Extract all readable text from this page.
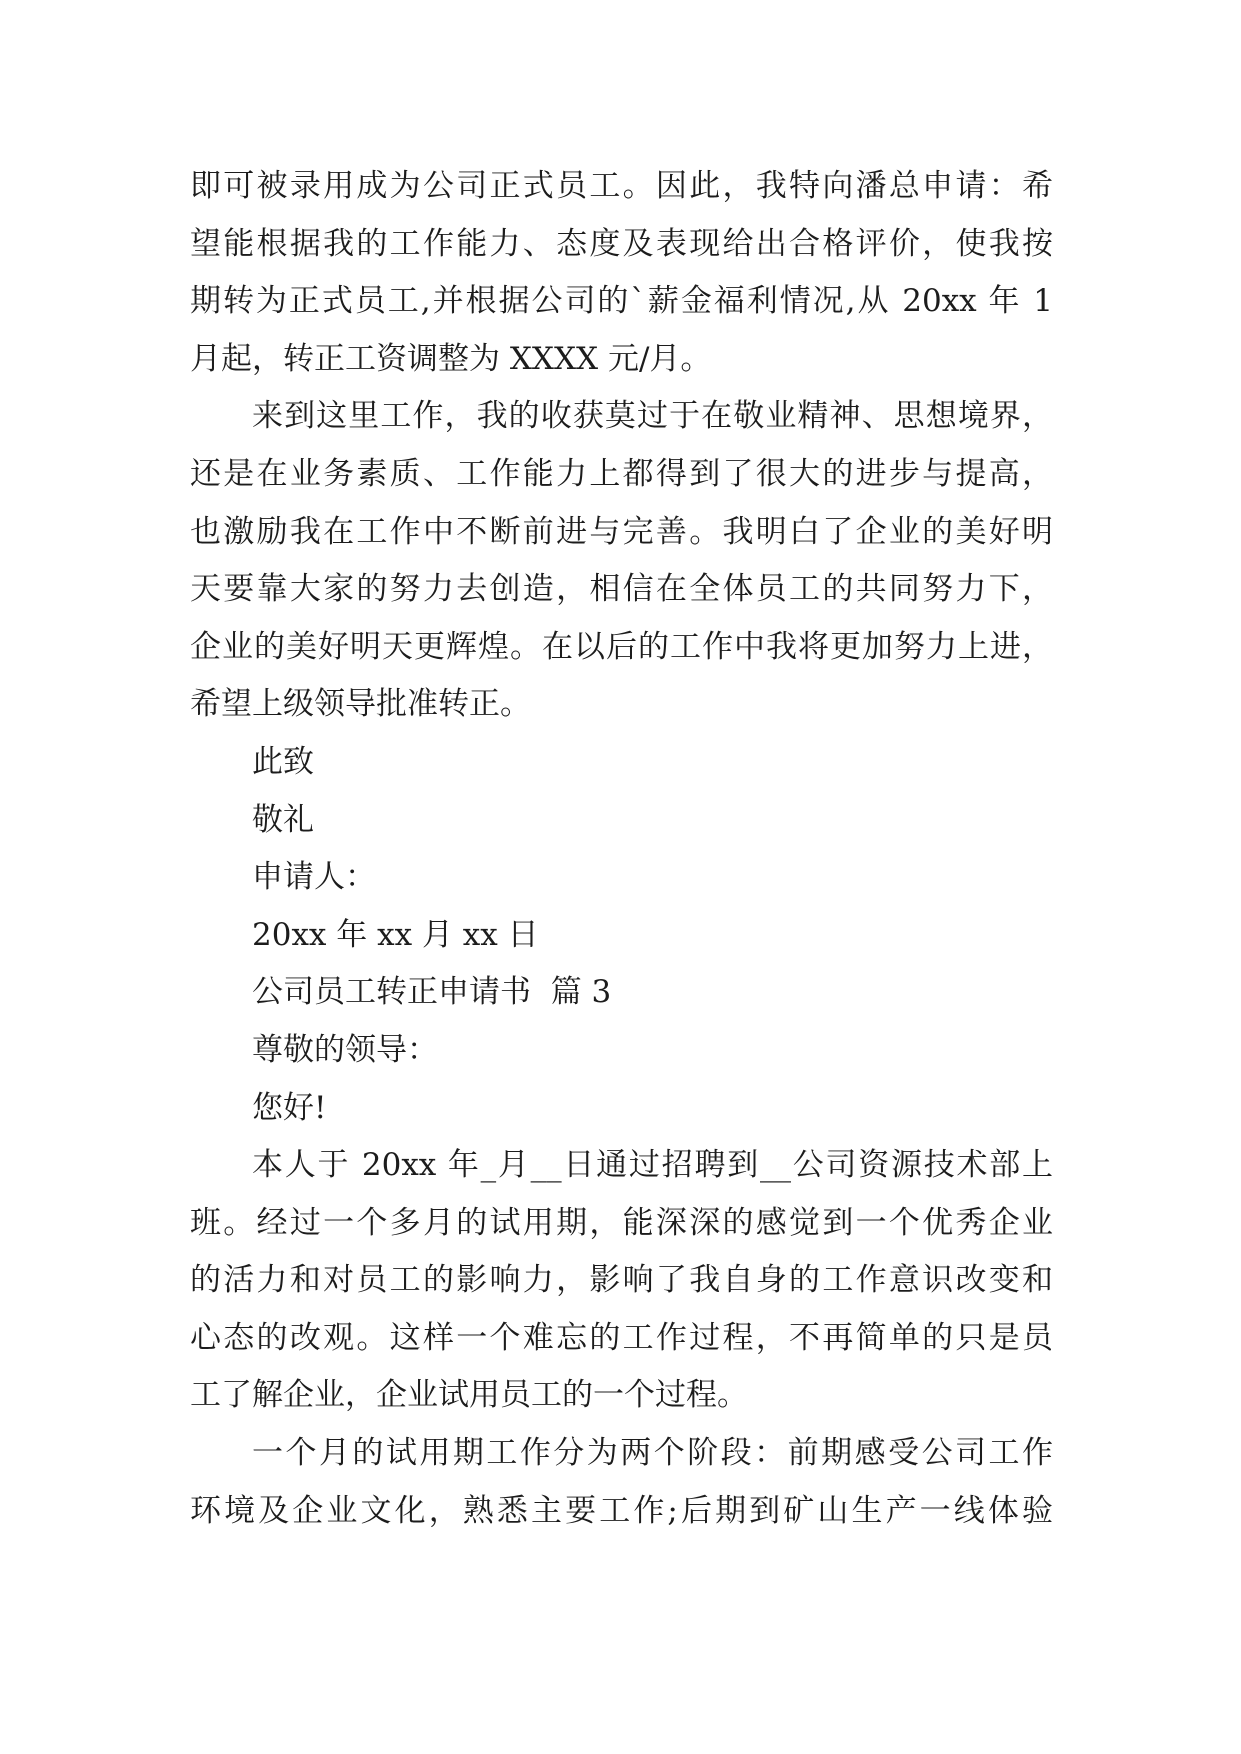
即可被录用成为公司正式员工。因此，我特向潘总申请：希
望能根据我的工作能力、态度及表现给出合格评价，使我按
期转为正式员工,并根据公司的`薪金福利情况,从 20xx 年 1
月起，转正工资调整为 XXXX 元/月。
来到这里工作，我的收获莫过于在敬业精神、思想境界，
还是在业务素质、工作能力上都得到了很大的进步与提高，
也激励我在工作中不断前进与完善。我明白了企业的美好明
天要靠大家的努力去创造，相信在全体员工的共同努力下，
企业的美好明天更辉煌。在以后的工作中我将更加努力上进，
希望上级领导批准转正。
此致
敬礼
申请人：
20xx 年 xx 月 xx 日
公司员工转正申请书  篇 3
尊敬的领导：
您好!
本人于 20xx 年_月__日通过招聘到__公司资源技术部上
班。经过一个多月的试用期，能深深的感觉到一个优秀企业
的活力和对员工的影响力，影响了我自身的工作意识改变和
心态的改观。这样一个难忘的工作过程，不再简单的只是员
工了解企业，企业试用员工的一个过程。
一个月的试用期工作分为两个阶段：前期感受公司工作
环境及企业文化，熟悉主要工作;后期到矿山生产一线体验
